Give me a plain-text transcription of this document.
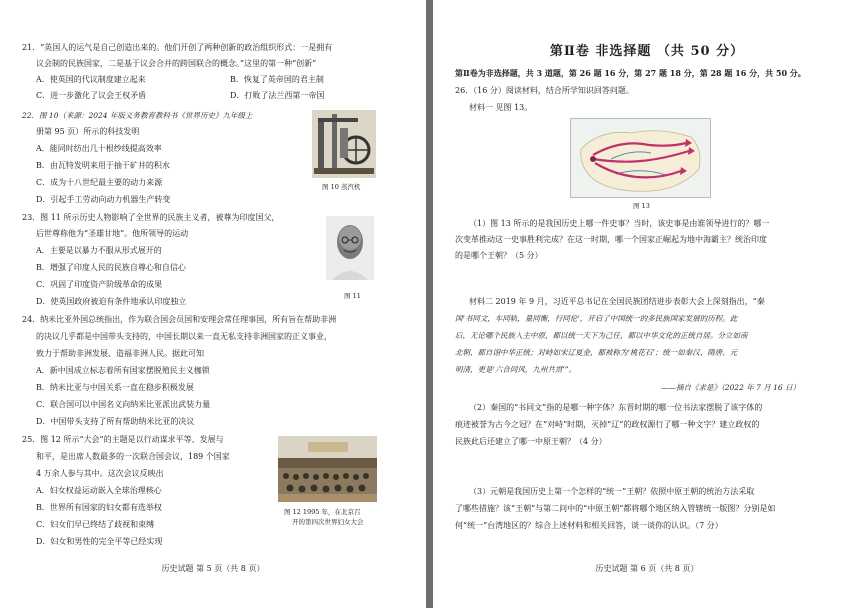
21．“英国人的运气是自己创造出来的。他们开创了两种创新的政治组织形式：一是拥有
议会制的民族国家，二是基于议会合并的跨国联合的概念。”这里的第一种“创新”
A．使英国的代议制度建立起来	B．恢复了英帝国的君主制
C．进一步激化了议会王权矛盾	D．打败了法兰西第一帝国
22．图 10（来源：2024 年版义务教育教科书《世界历史》九年级上
册第 95 页）所示的科技发明
A．能同时纺出几十根纱线提高效率
B．由瓦特发明来用于抽干矿井的积水
C．成为十八世纪最主要的动力来源
D．引起手工劳动向动力机器生产转变
图 10 蒸汽机
23．图 11 所示历史人物影响了全世界的民族主义者，被尊为印度国父，
后世尊称他为“圣雄甘地”。他所领导的运动
A．主要是以暴力不服从形式展开的
B．增强了印度人民的民族自尊心和自信心
C．巩固了印度资产阶级革命的成果
D．使英国政府被迫有条件地承认印度独立
图 11
24．纳米比亚外国总统指出，作为联合国会员国和安理会常任理事国，所有旨在帮助非洲
的决议几乎都是中国带头支持的，中国长期以来一直无私支持非洲国家的正义事业，
致力于帮助非洲发展、造福非洲人民。据此可知
A．新中国成立标志着所有国家摆脱殖民主义枷锁
B．纳米比亚与中国关系一直在稳步积极发展
C．联合国可以中国名义向纳米比亚派出武装力量
D．中国带头支持了所有帮助纳米比亚的决议
25．图 12 所示“大会”的主题是以行动谋求平等、发展与
和平，是出席人数最多的一次联合国会议，189 个国家
4 万余人参与其中。这次会议反映出
A．妇女权益运动嵌入全球治理核心
B．世界所有国家的妇女都有选举权
C．妇女们早已终结了歧视和束缚
D．妇女和男性的完全平等已经实现
图 12 1995 年，在北京召
开的第四次世界妇女大会
历史试题 第 5 页（共 8 页）
第Ⅱ卷 非选择题 （共 50 分）
第Ⅱ卷为非选择题，共 3 道题，第 26 题 16 分，第 27 题 18 分，第 28 题 16 分，共 50 分。
26．（16 分）阅读材料，结合所学知识回答问题。
材料一 见图 13。
图 13
（1）图 13 所示的是我国历史上哪一件史事？当时，该史事是由谁领导进行的？哪一
次变革推动这一史事胜利完成？在这一时期，哪一个国家正崛起为地中海霸主？统治印度
的是哪个王朝？（5 分）
材料二 2019 年 9 月，习近平总书记在全国民族团结进步表彰大会上深刻指出，“秦
国‘书同文，车同轨，量同衡，行同伦’，开启了中国统一的多民族国家发展的历程。此
后，无论哪个民族入主中原，都以统一天下为己任，都以中华文化的正统自居。分立如南
北朝，都自诩中华正统；对峙如宋辽夏金，都被称为‘桃花石’；统一如秦汉、隋唐、元
明清，更是‘六合同风，九州共贯’”。
——摘自《求是》（2022 年 7 月 16 日）
（2）秦国的“书同文”指的是哪一种字体？东晋时期的哪一位书法家摆脱了该字体的
痕迹被誉为古今之冠？在“对峙”时期，灭掉“辽”的政权源行了哪一种文字？建立政权的
民族此后还建立了哪一中原王朝？（4 分）
（3）元朝是我国历史上第一个怎样的“统一”王朝？依照中原王朝的统治方法采取
了哪些措施？该“王朝”与第二问中的“中原王朝”都将哪个地区纳入管辖统一版图？分别是如
何“统一”台湾地区的？综合上述材料和相关回答，谈一谈你的认识。（7 分）
历史试题 第 6 页（共 8 页）
